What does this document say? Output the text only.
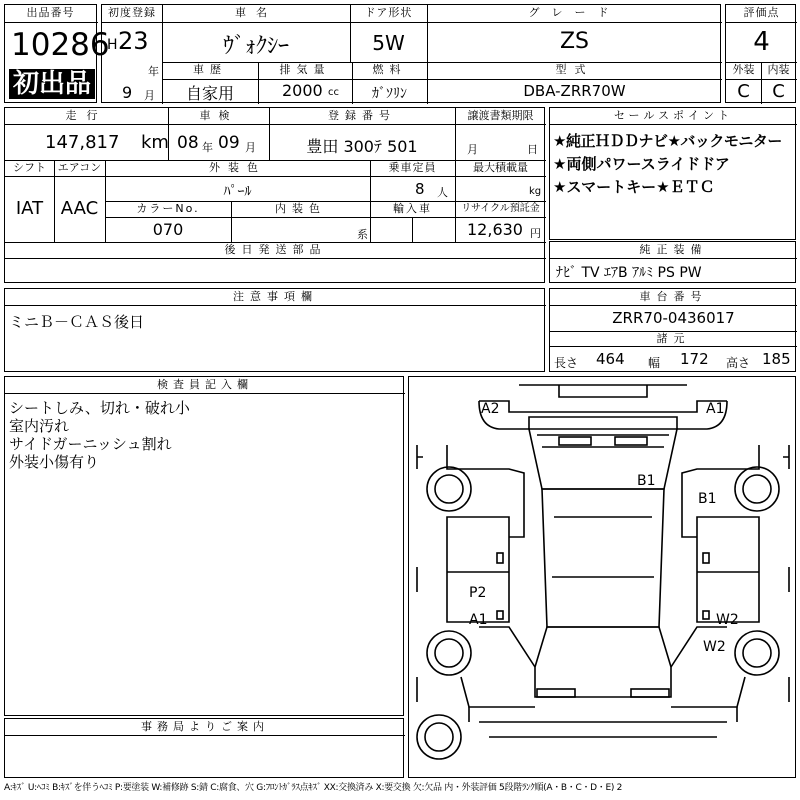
出品番号
10286
初出品
初度登録
H 23
年
9 月
車名
ｳﾞｫｸｼｰ
ドア形状
5W
グレード
ZS
車歴
自家用
排気量
2000 cc
燃料
ｶﾞｿﾘﾝ
型式
DBA-ZRR70W
評価点
4
外装	内装
C	C
走行
147,817 km
車検
08 年 09 月
登録番号
豊田 300ﾃ 501
譲渡書類期限
月	日
シフト
IAT
エアコン
AAC
外装色
ﾊﾟｰﾙ
乗車定員
8 人
最大積載量
kg
カラーNo.
070
内装色
系
輸入車	リサイクル預託金
12,630 円
後日発送部品
セールスポイント
★純正ＨＤＤナビ★バックモニター
★両側パワースライドドア
★スマートキー★ＥＴＣ
純正装備
ﾅﾋﾞ TV ｴｱB ｱﾙﾐ PS PW
注意事項欄
ミニＢ－ＣＡＳ後日
車台番号
ZRR70-0436017
諸元
長さ 464 幅 172 高さ 185
検査員記入欄
シートしみ、切れ・破れ小
室内汚れ
サイドガーニッシュ割れ
外装小傷有り
事務局よりご案内
A2	A1
B1
B1
P2
A1	W2
W2
A:ｷｽﾞ U:ﾍｺﾐ B:ｷｽﾞを伴うﾍｺﾐ P:要塗装 W:補修跡 S:錆 C:腐食、穴 G:ﾌﾛﾝﾄｶﾞﾗｽ点ｷｽﾞ XX:交換済み X:要交換 欠:欠品 内・外装評価 5段階ﾗﾝｸ順(A・B・C・D・E) 2
